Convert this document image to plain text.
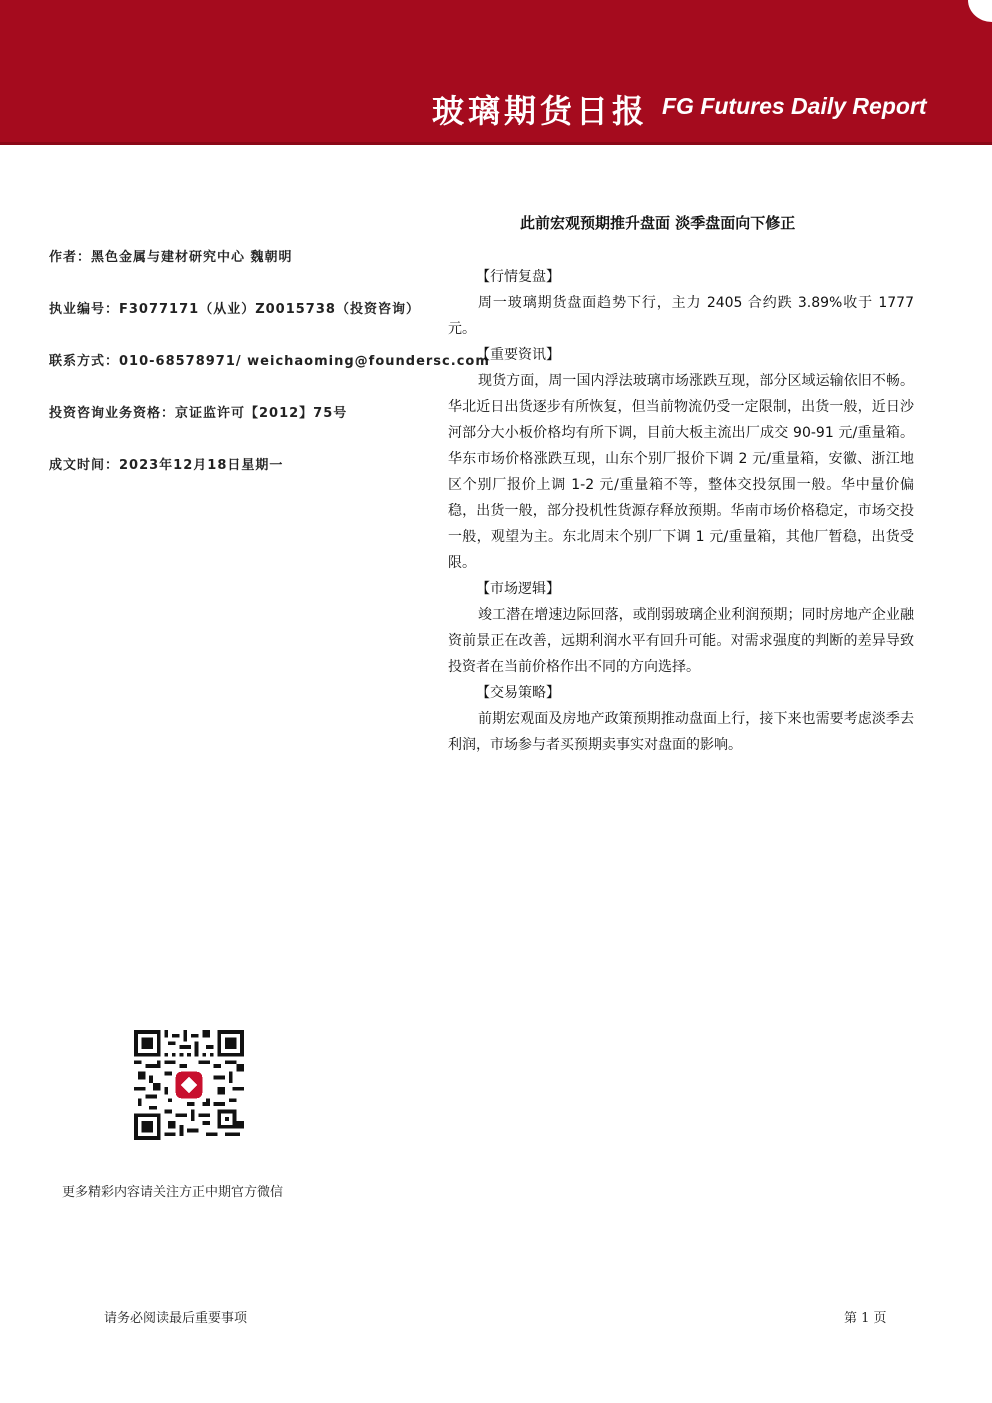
玻璃期货日报 FG Futures Daily Report
作者：黑色金属与建材研究中心 魏朝明
执业编号：F3077171（从业）Z0015738（投资咨询）
联系方式：010-68578971/ weichaoming@foundersc.com
投资咨询业务资格：京证监许可【2012】75号
成文时间：2023年12月18日星期一
此前宏观预期推升盘面 淡季盘面向下修正

【行情复盘】

周一玻璃期货盘面趋势下行，主力 2405 合约跌 3.89%收于 1777 元。

【重要资讯】

现货方面，周一国内浮法玻璃市场涨跌互现，部分区域运输依旧不畅。华北近日出货逐步有所恢复，但当前物流仍受一定限制，出货一般，近日沙河部分大小板价格均有所下调，目前大板主流出厂成交 90-91 元/重量箱。华东市场价格涨跌互现，山东个别厂报价下调 2 元/重量箱，安徽、浙江地区个别厂报价上调 1-2 元/重量箱不等，整体交投氛围一般。华中量价偏稳，出货一般，部分投机性货源存释放预期。华南市场价格稳定，市场交投一般，观望为主。东北周末个别厂下调 1 元/重量箱，其他厂暂稳，出货受限。

【市场逻辑】

竣工潜在增速边际回落，或削弱玻璃企业利润预期；同时房地产企业融资前景正在改善，远期利润水平有回升可能。对需求强度的判断的差异导致投资者在当前价格作出不同的方向选择。

【交易策略】

前期宏观面及房地产政策预期推动盘面上行，接下来也需要考虑淡季去利润，市场参与者买预期卖事实对盘面的影响。

更多精彩内容请关注方正中期官方微信
请务必阅读最后重要事项	第 1 页
